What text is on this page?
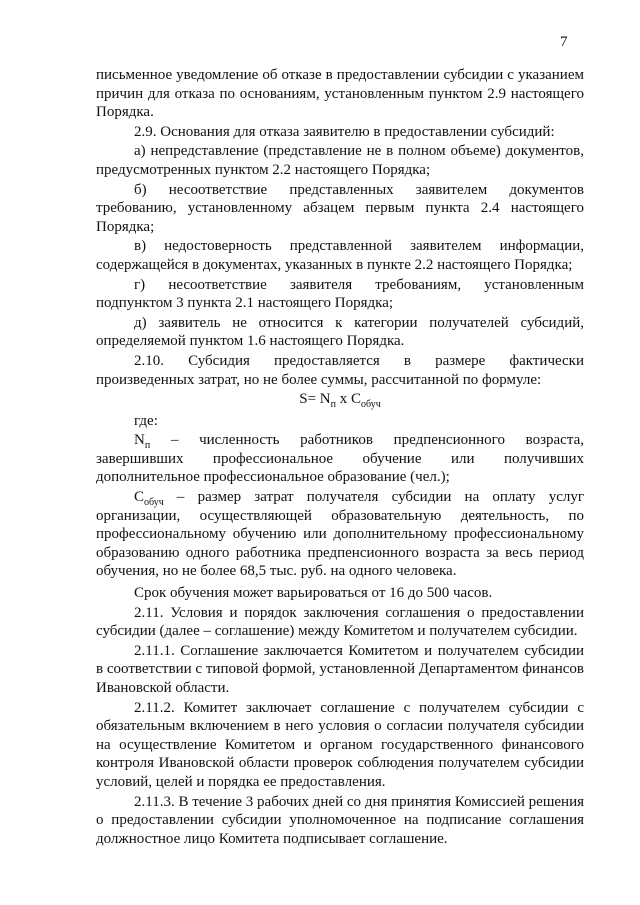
7

письменное уведомление об отказе в предоставлении субсидии с указанием причин для отказа по основаниям, установленным пунктом 2.9 настоящего Порядка.

2.9. Основания для отказа заявителю в предоставлении субсидий:

а) непредставление (представление не в полном объеме) документов, предусмотренных пунктом 2.2 настоящего Порядка;

б) несоответствие представленных заявителем документов требованию, установленному абзацем первым пункта 2.4 настоящего Порядка;

в) недостоверность представленной заявителем информации, содержащейся в документах, указанных в пункте 2.2 настоящего Порядка;

г) несоответствие заявителя требованиям, установленным подпунктом 3 пункта 2.1 настоящего Порядка;

д) заявитель не относится к категории получателей субсидий, определяемой пунктом 1.6 настоящего Порядка.

2.10. Субсидия предоставляется в размере фактически произведенных затрат, но не более суммы, рассчитанной по формуле:

$S= N_п$ x $C_{обуч}$

где:

$N_п$ – численность работников предпенсионного возраста, завершивших профессиональное обучение или получивших дополнительное профессиональное образование (чел.);

$C_{обуч}$ – размер затрат получателя субсидии на оплату услуг организации, осуществляющей образовательную деятельность, по профессиональному обучению или дополнительному профессиональному образованию одного работника предпенсионного возраста за весь период обучения, но не более 68,5 тыс. руб. на одного человека.

Срок обучения может варьироваться от 16 до 500 часов.

2.11. Условия и порядок заключения соглашения о предоставлении субсидии (далее – соглашение) между Комитетом и получателем субсидии.

2.11.1. Соглашение заключается Комитетом и получателем субсидии в соответствии с типовой формой, установленной Департаментом финансов Ивановской области.

2.11.2. Комитет заключает соглашение с получателем субсидии с обязательным включением в него условия о согласии получателя субсидии на осуществление Комитетом и органом государственного финансового контроля Ивановской области проверок соблюдения получателем субсидии условий, целей и порядка ее предоставления.

2.11.3. В течение 3 рабочих дней со дня принятия Комиссией решения о предоставлении субсидии уполномоченное на подписание соглашения должностное лицо Комитета подписывает соглашение.
